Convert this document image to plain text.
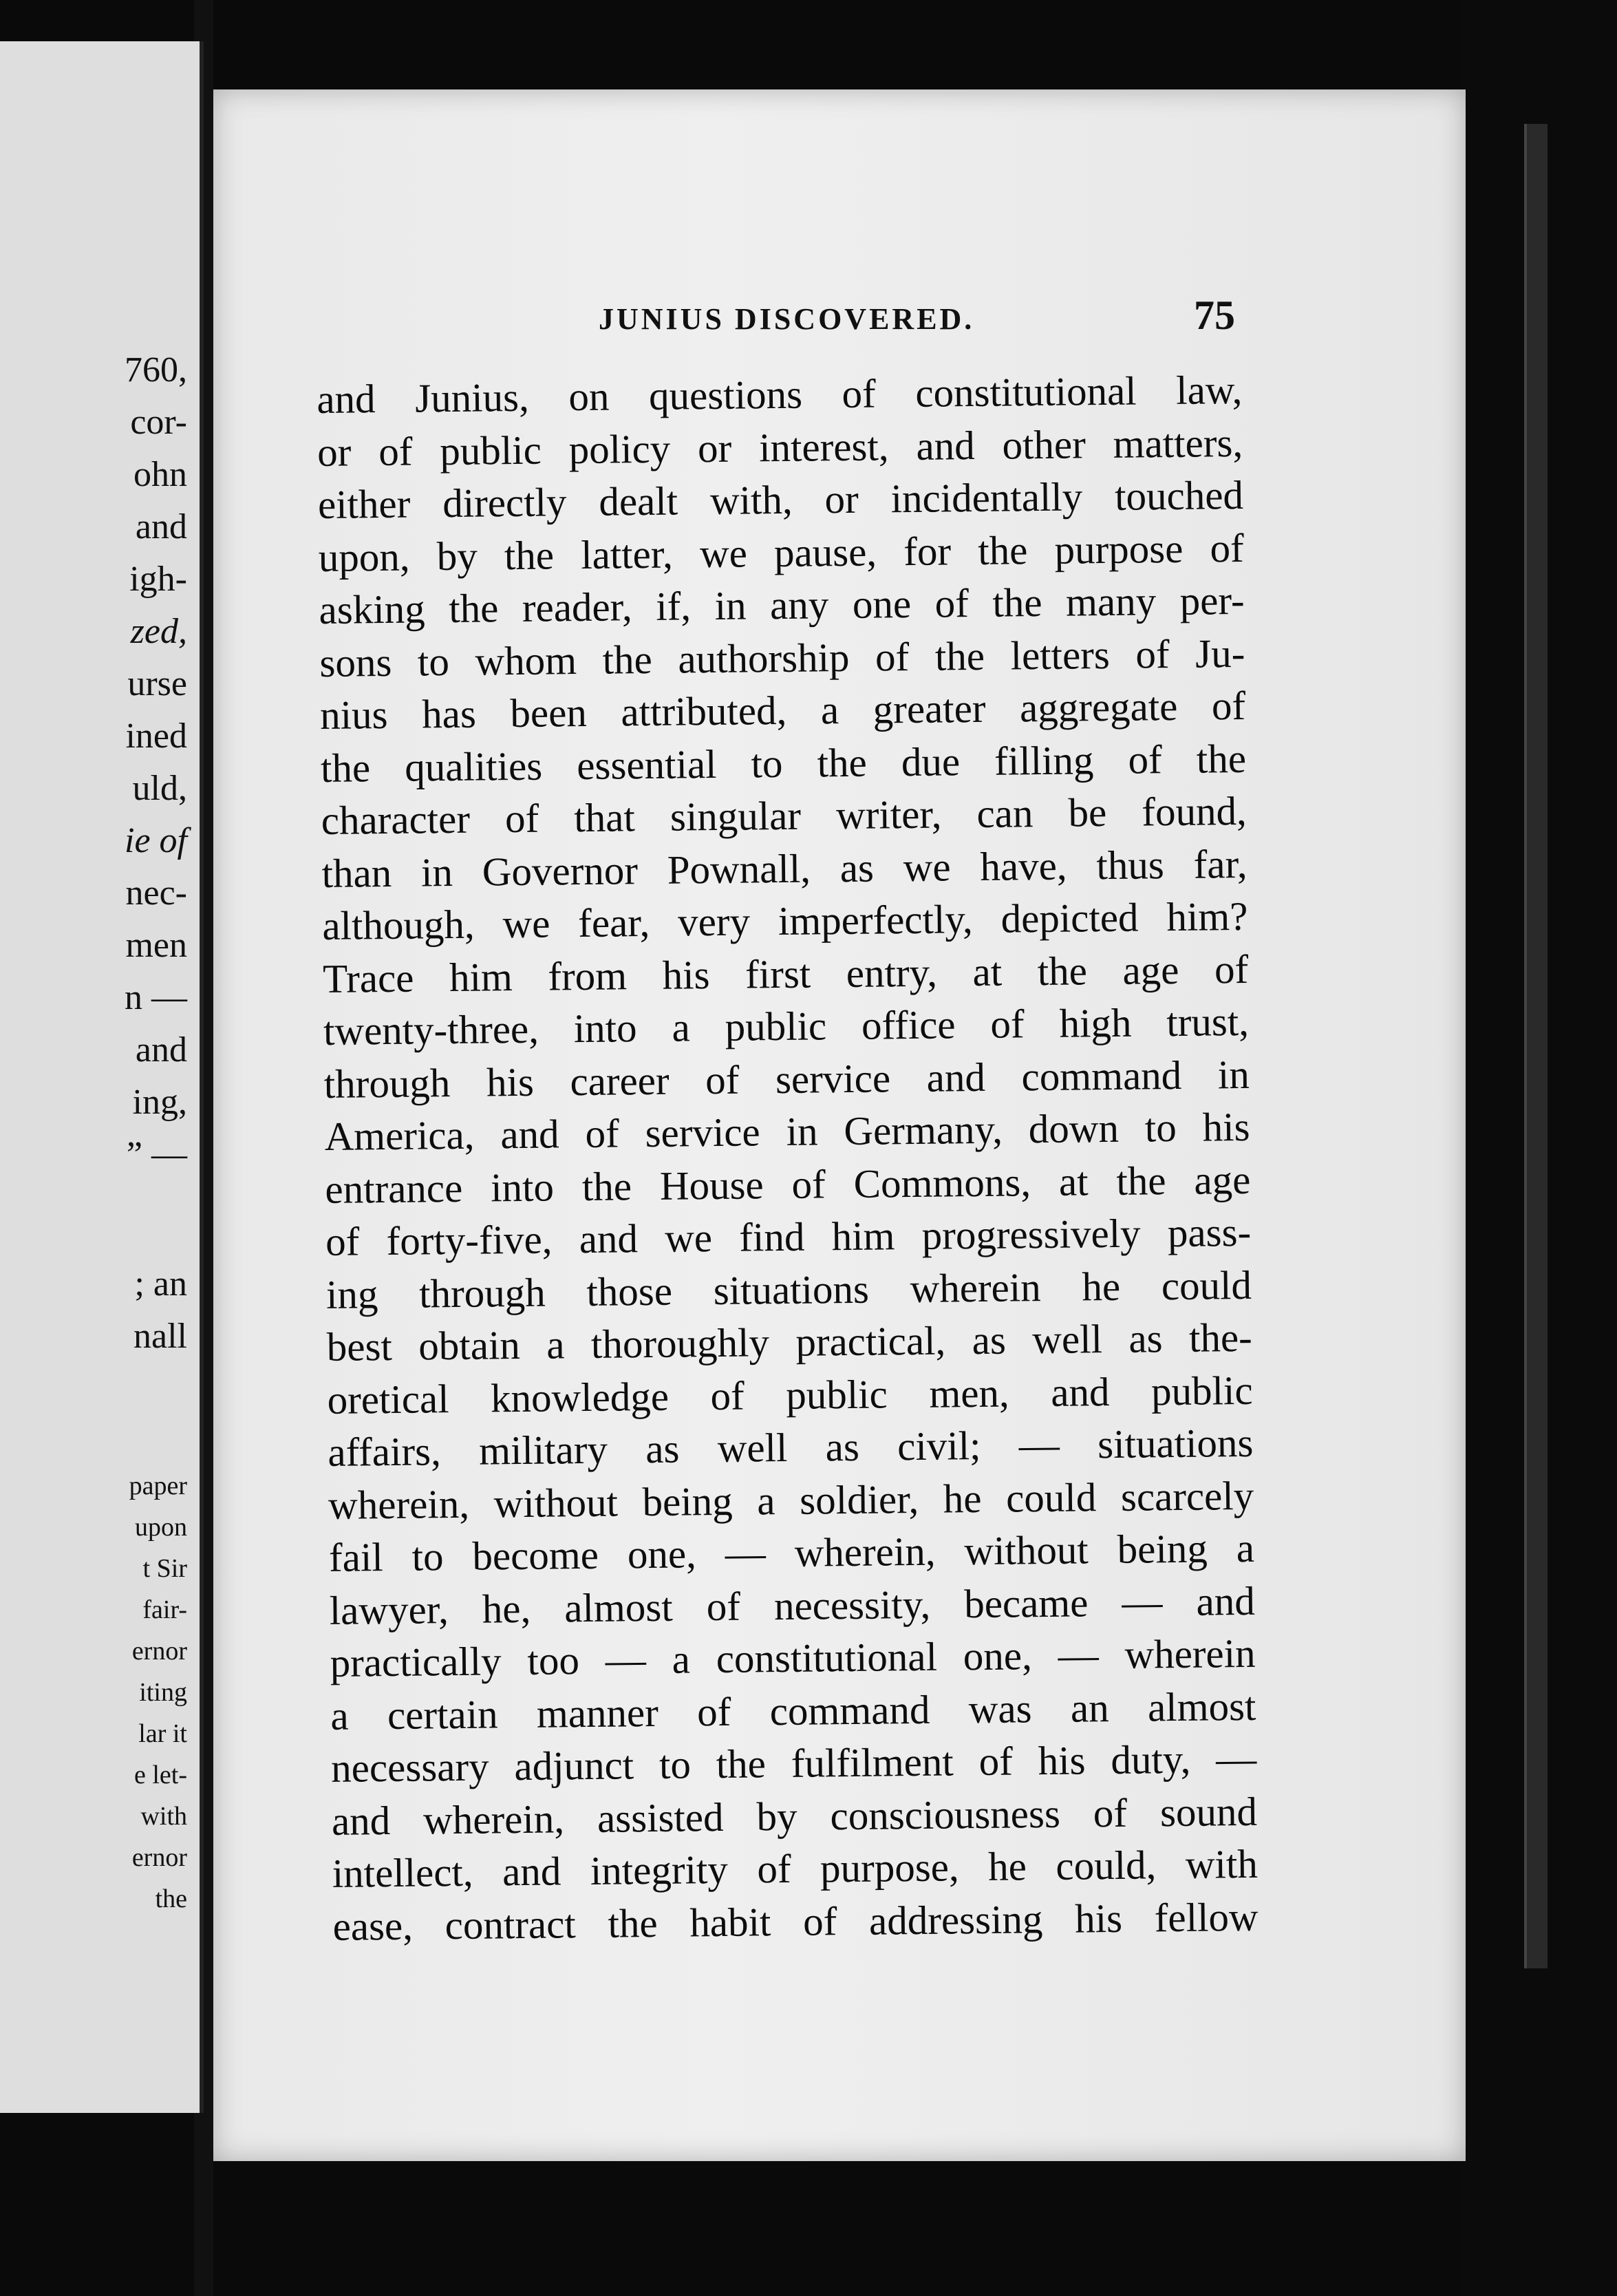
760,
cor-
ohn
and
igh-
zed,
urse
ined
uld,
ie of
nec-
men
n —
and
ing,
” —
; an
nall
paper
upon
t Sir
fair-
ernor
iting
lar it
e let-
with
ernor
the
JUNIUS DISCOVERED.	75
and Junius, on questions of constitutional law,
or of public policy or interest, and other matters,
either directly dealt with, or incidentally touched
upon, by the latter, we pause, for the purpose of
asking the reader, if, in any one of the many per-
sons to whom the authorship of the letters of Ju-
nius has been attributed, a greater aggregate of
the qualities essential to the due filling of the
character of that singular writer, can be found,
than in Governor Pownall, as we have, thus far,
although, we fear, very imperfectly, depicted him?
Trace him from his first entry, at the age of
twenty-three, into a public office of high trust,
through his career of service and command in
America, and of service in Germany, down to his
entrance into the House of Commons, at the age
of forty-five, and we find him progressively pass-
ing through those situations wherein he could
best obtain a thoroughly practical, as well as the-
oretical knowledge of public men, and public
affairs, military as well as civil; — situations
wherein, without being a soldier, he could scarcely
fail to become one, — wherein, without being a
lawyer, he, almost of necessity, became — and
practically too — a constitutional one, — wherein
a certain manner of command was an almost
necessary adjunct to the fulfilment of his duty, —
and wherein, assisted by consciousness of sound
intellect, and integrity of purpose, he could, with
ease, contract the habit of addressing his fellow
